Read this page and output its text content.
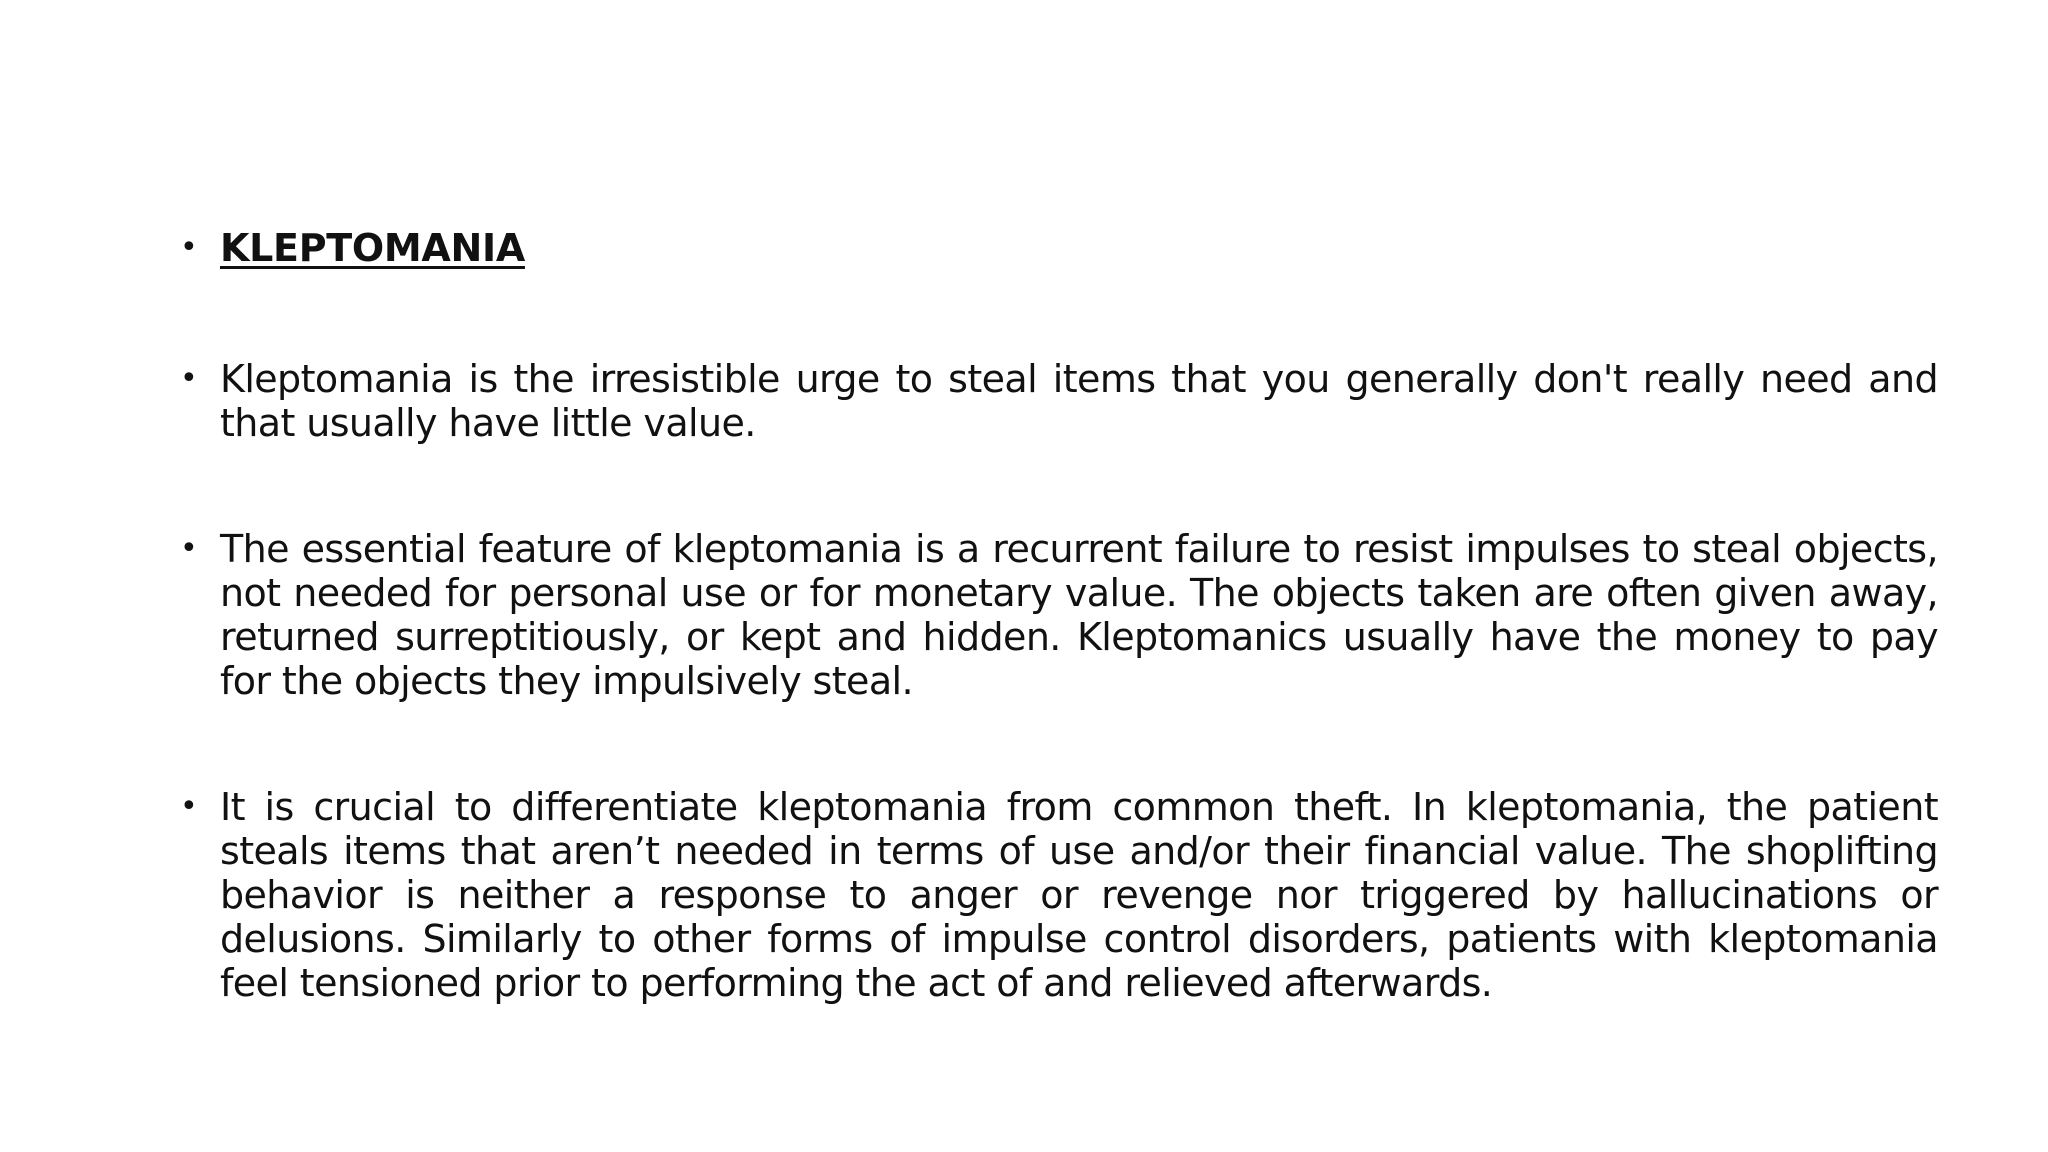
• KLEPTOMANIA
• Kleptomania is the irresistible urge to steal items that you generally don't really need and that usually have little value.
• The essential feature of kleptomania is a recurrent failure to resist impulses to steal objects, not needed for personal use or for monetary value. The objects taken are often given away, returned surreptitiously, or kept and hidden. Kleptomanics usually have the money to pay for the objects they impulsively steal.
• It is crucial to differentiate kleptomania from common theft. In kleptomania, the patient steals items that aren’t needed in terms of use and/or their financial value. The shoplifting behavior is neither a response to anger or revenge nor triggered by hallucinations or delusions. Similarly to other forms of impulse control disorders, patients with kleptomania feel tensioned prior to performing the act of and relieved afterwards.
